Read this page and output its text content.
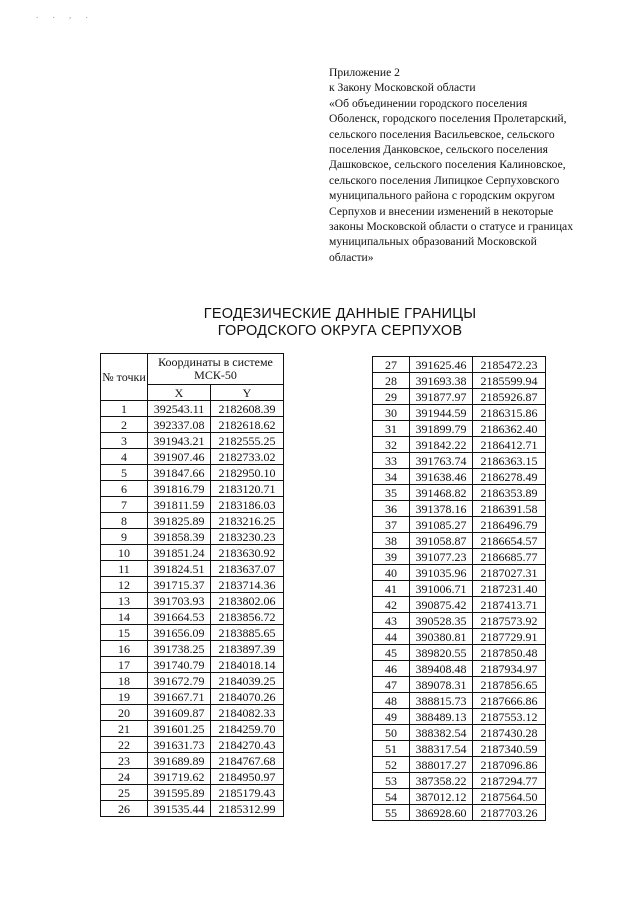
. . , .
Приложение 2
к Закону Московской области
«Об объединении городского поселения
Оболенск, городского поселения Пролетарский,
сельского поселения Васильевское, сельского
поселения Данковское, сельского поселения
Дашковское, сельского поселения Калиновское,
сельского поселения Липицкое Серпуховского
муниципального района с городским округом
Серпухов и внесении изменений в некоторые
законы Московской области о статусе и границах
муниципальных образований Московской
области»
ГЕОДЕЗИЧЕСКИЕ ДАННЫЕ ГРАНИЦЫ
ГОРОДСКОГО ОКРУГА СЕРПУХОВ
№ точки	Координаты в системе МСК-50	
	X	Y
1	392543.11	2182608.39
2	392337.08	2182618.62
3	391943.21	2182555.25
4	391907.46	2182733.02
5	391847.66	2182950.10
6	391816.79	2183120.71
7	391811.59	2183186.03
8	391825.89	2183216.25
9	391858.39	2183230.23
10	391851.24	2183630.92
11	391824.51	2183637.07
12	391715.37	2183714.36
13	391703.93	2183802.06
14	391664.53	2183856.72
15	391656.09	2183885.65
16	391738.25	2183897.39
17	391740.79	2184018.14
18	391672.79	2184039.25
19	391667.71	2184070.26
20	391609.87	2184082.33
21	391601.25	2184259.70
22	391631.73	2184270.43
23	391689.89	2184767.68
24	391719.62	2184950.97
25	391595.89	2185179.43
26	391535.44	2185312.99
27	391625.46	2185472.23
28	391693.38	2185599.94
29	391877.97	2185926.87
30	391944.59	2186315.86
31	391899.79	2186362.40
32	391842.22	2186412.71
33	391763.74	2186363.15
34	391638.46	2186278.49
35	391468.82	2186353.89
36	391378.16	2186391.58
37	391085.27	2186496.79
38	391058.87	2186654.57
39	391077.23	2186685.77
40	391035.96	2187027.31
41	391006.71	2187231.40
42	390875.42	2187413.71
43	390528.35	2187573.92
44	390380.81	2187729.91
45	389820.55	2187850.48
46	389408.48	2187934.97
47	389078.31	2187856.65
48	388815.73	2187666.86
49	388489.13	2187553.12
50	388382.54	2187430.28
51	388317.54	2187340.59
52	388017.27	2187096.86
53	387358.22	2187294.77
54	387012.12	2187564.50
55	386928.60	2187703.26
